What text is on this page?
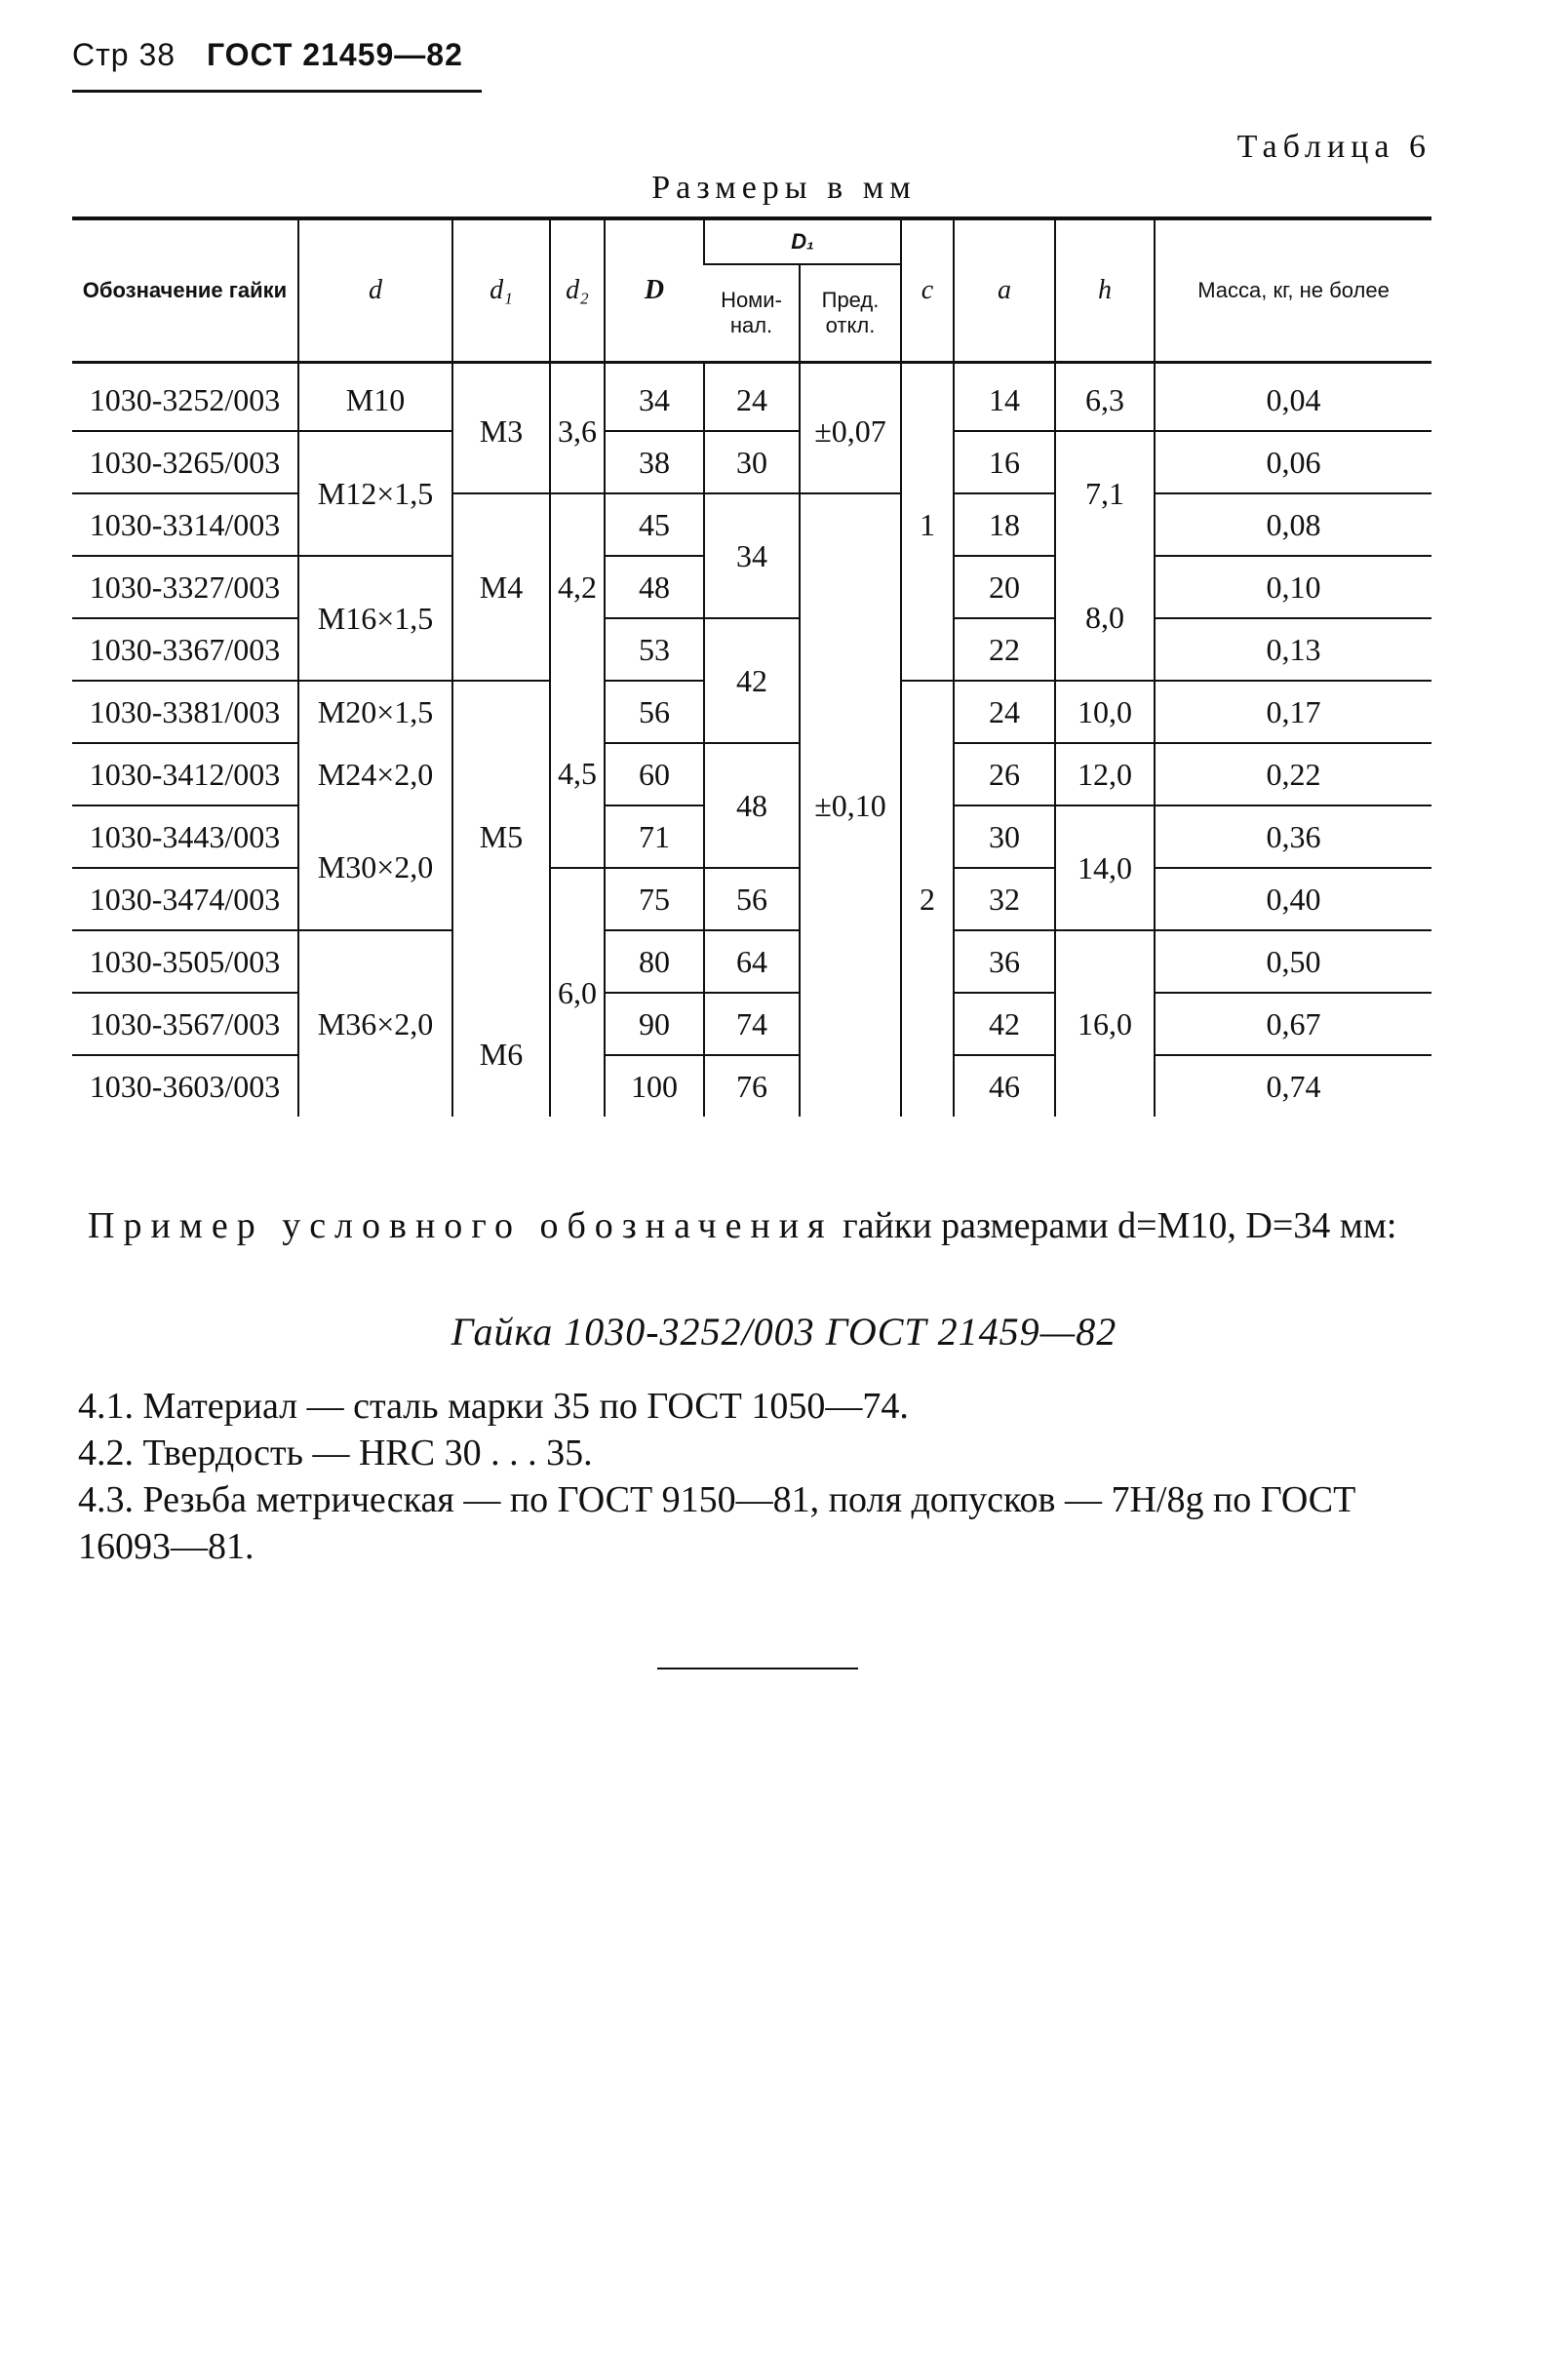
Стр 38 ГОСТ 21459—82
Таблица 6
Размеры в мм
Обозначение гайки	d	d₁	d₂	D	D₁		c	a	h	Масса, кг, не более
					Номи-нал.	Пред. откл.				
1030-3252/003	M10	M3	3,6	34	24	±0,07	1	14	6,3	0,04
1030-3265/003	M12×1,5			38	30			16	7,1	0,06
1030-3314/003		M4	4,2	45	34	±0,10		18		0,08
1030-3327/003	M16×1,5			48				20	8,0	0,10
1030-3367/003				53	42			22		0,13
1030-3381/003	M20×1,5	M5	4,5	56			2	24	10,0	0,17
1030-3412/003	M24×2,0			60	48			26	12,0	0,22
1030-3443/003	M30×2,0			71				30	14,0	0,36
1030-3474/003			6,0	75	56			32		0,40
1030-3505/003	M36×2,0			80	64			36	16,0	0,50
1030-3567/003		M6		90	74			42		0,67
1030-3603/003				100	76			46		0,74
Пример условного обозначения гайки размерами d=M10, D=34 мм:
Гайка 1030-3252/003 ГОСТ 21459—82

4.1. Материал — сталь марки 35 по ГОСТ 1050—74.

4.2. Твердость — HRC 30 . . . 35.

4.3. Резьба метрическая — по ГОСТ 9150—81, поля допусков — 7H/8g по ГОСТ 16093—81.
